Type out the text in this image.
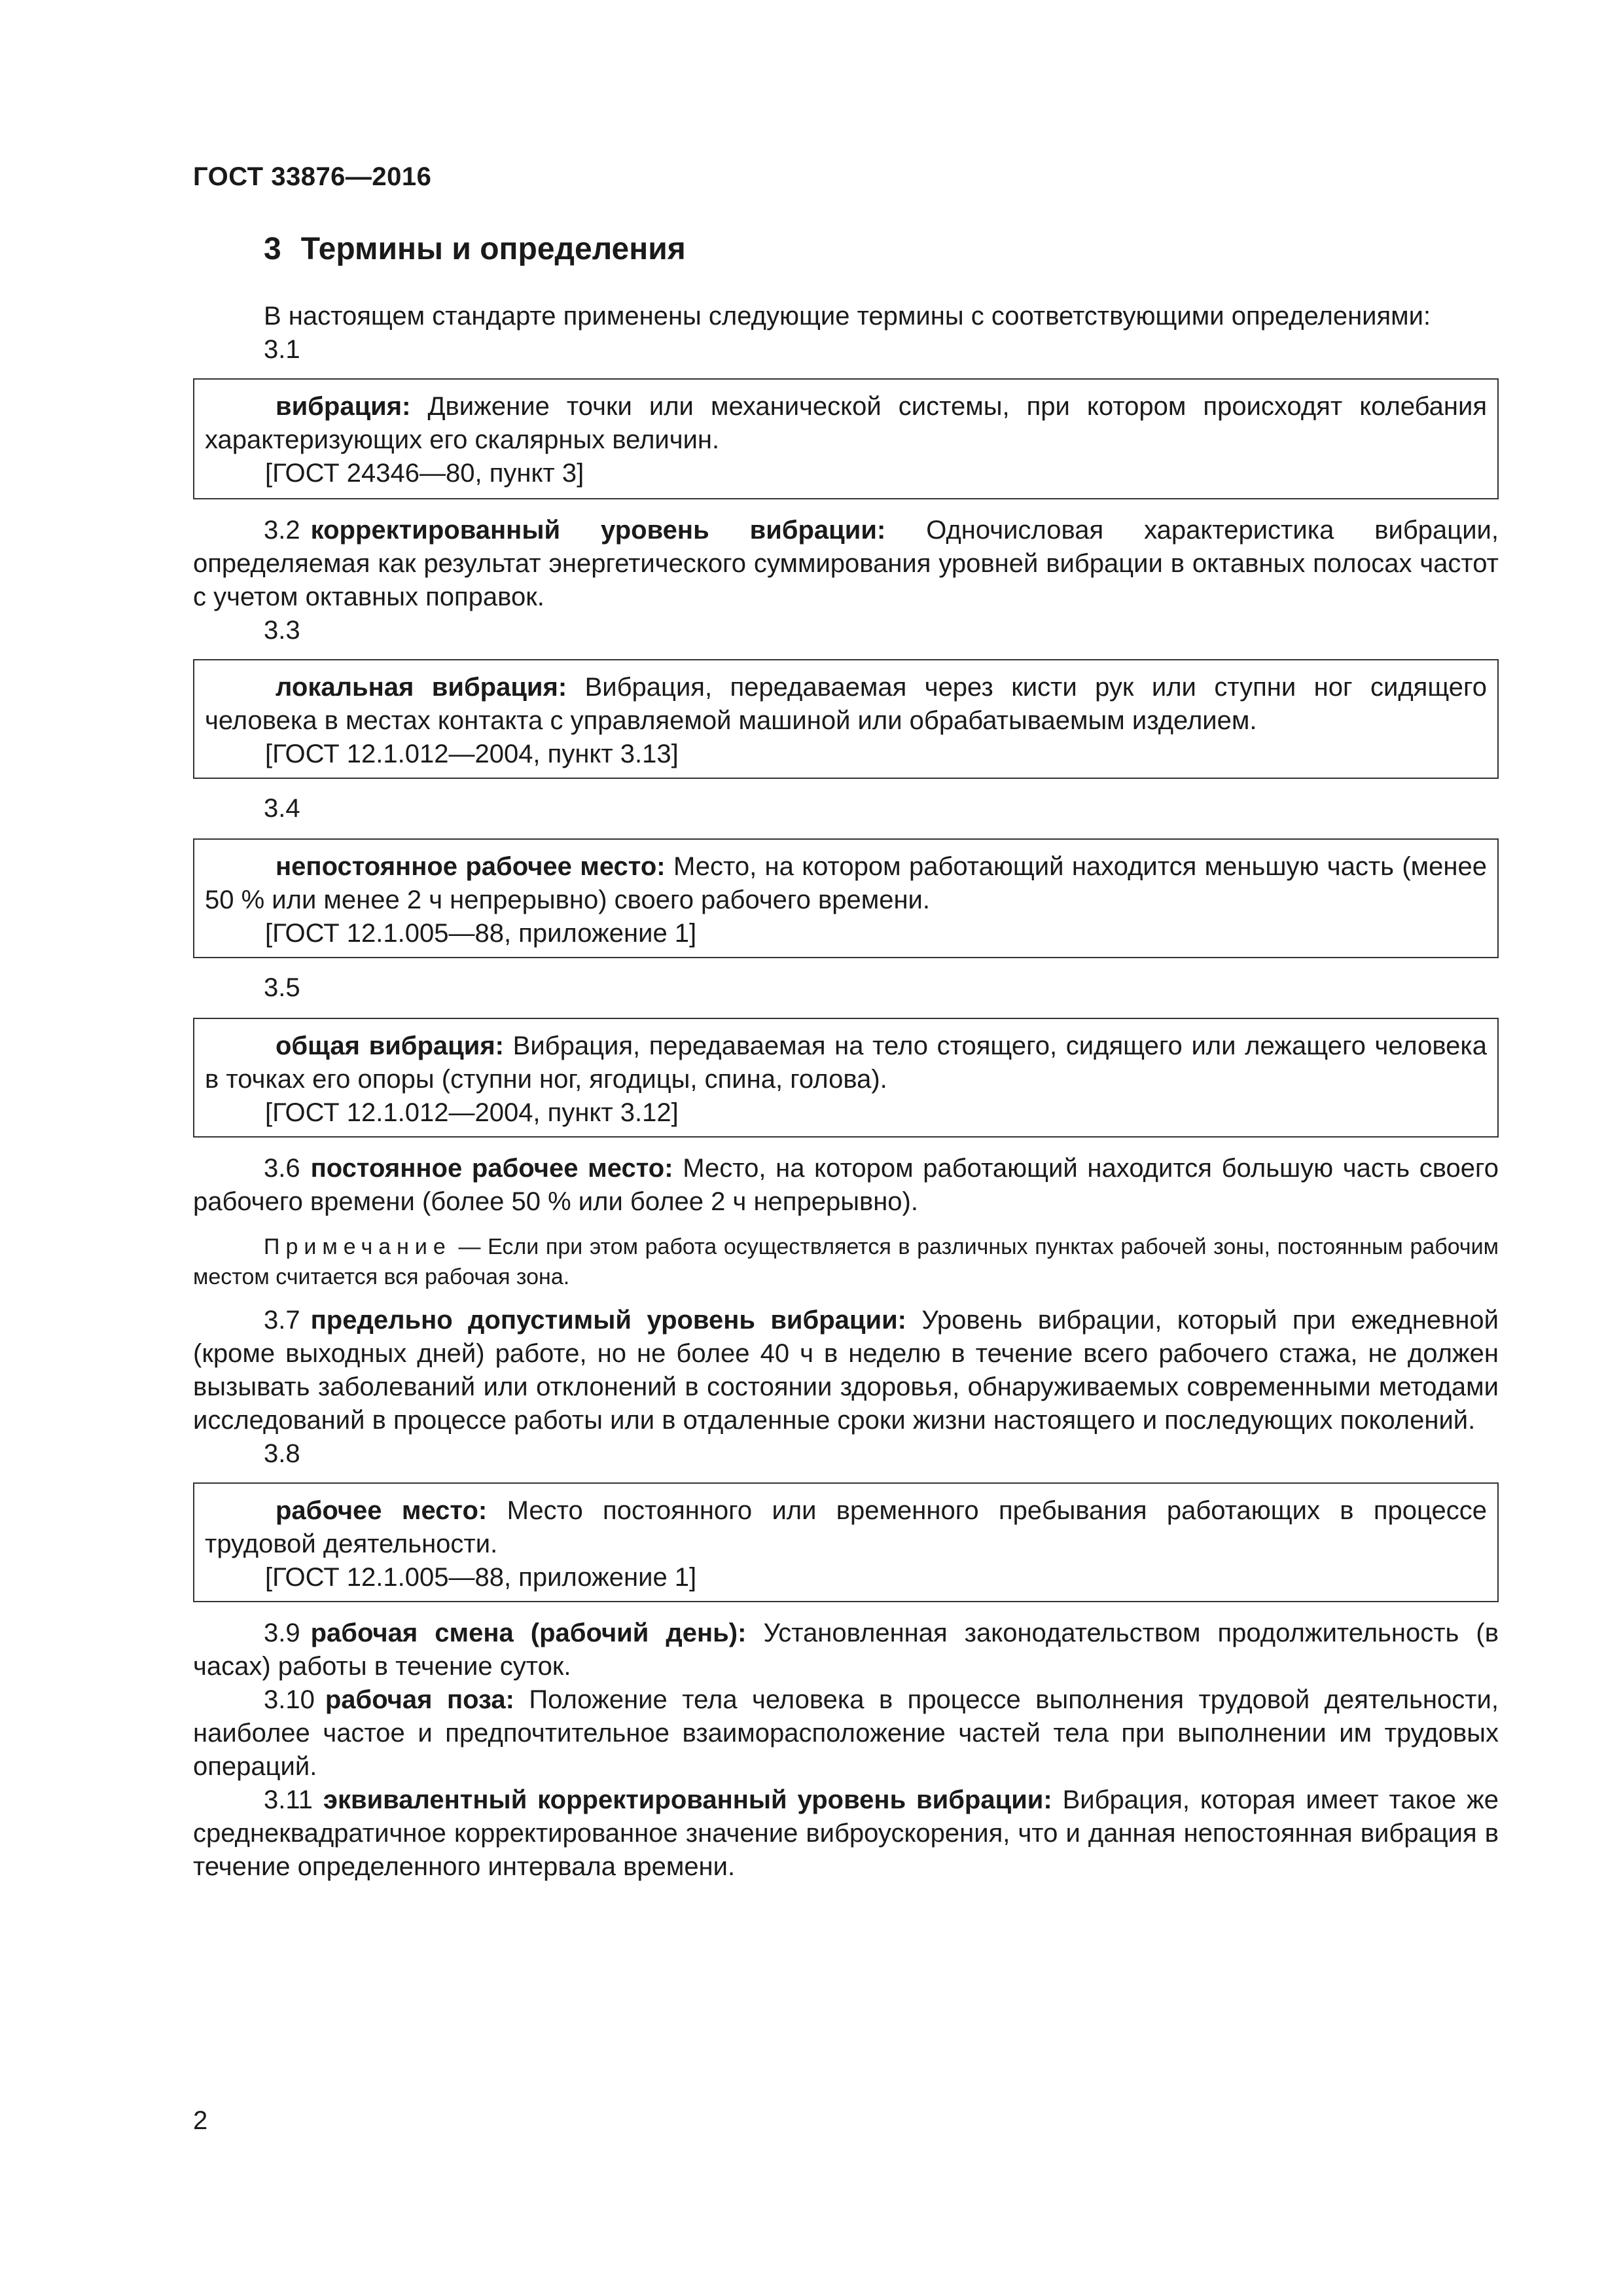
ГОСТ 33876—2016
3 Термины и определения

В настоящем стандарте применены следующие термины с соответствующими определениями:

3.1

вибрация: Движение точки или механической системы, при котором происходят колебания характеризующих его скалярных величин.

[ГОСТ 24346—80, пункт 3]

3.2 корректированный уровень вибрации: Одночисловая характеристика вибрации, определяемая как результат энергетического суммирования уровней вибрации в октавных полосах частот с учетом октавных поправок.

3.3

локальная вибрация: Вибрация, передаваемая через кисти рук или ступни ног сидящего человека в местах контакта с управляемой машиной или обрабатываемым изделием.

[ГОСТ 12.1.012—2004, пункт 3.13]

3.4

непостоянное рабочее место: Место, на котором работающий находится меньшую часть (менее 50 % или менее 2 ч непрерывно) своего рабочего времени.

[ГОСТ 12.1.005—88, приложение 1]

3.5

общая вибрация: Вибрация, передаваемая на тело стоящего, сидящего или лежащего человека в точках его опоры (ступни ног, ягодицы, спина, голова).

[ГОСТ 12.1.012—2004, пункт 3.12]

3.6 постоянное рабочее место: Место, на котором работающий находится большую часть своего рабочего времени (более 50 % или более 2 ч непрерывно).

Примечание — Если при этом работа осуществляется в различных пунктах рабочей зоны, постоянным рабочим местом считается вся рабочая зона.

3.7 предельно допустимый уровень вибрации: Уровень вибрации, который при ежедневной (кроме выходных дней) работе, но не более 40 ч в неделю в течение всего рабочего стажа, не должен вызывать заболеваний или отклонений в состоянии здоровья, обнаруживаемых современными методами исследований в процессе работы или в отдаленные сроки жизни настоящего и последующих поколений.

3.8

рабочее место: Место постоянного или временного пребывания работающих в процессе трудовой деятельности.

[ГОСТ 12.1.005—88, приложение 1]

3.9 рабочая смена (рабочий день): Установленная законодательством продолжительность (в часах) работы в течение суток.

3.10 рабочая поза: Положение тела человека в процессе выполнения трудовой деятельности, наиболее частое и предпочтительное взаиморасположение частей тела при выполнении им трудовых операций.

3.11 эквивалентный корректированный уровень вибрации: Вибрация, которая имеет такое же среднеквадратичное корректированное значение виброускорения, что и данная непостоянная вибрация в течение определенного интервала времени.

2
